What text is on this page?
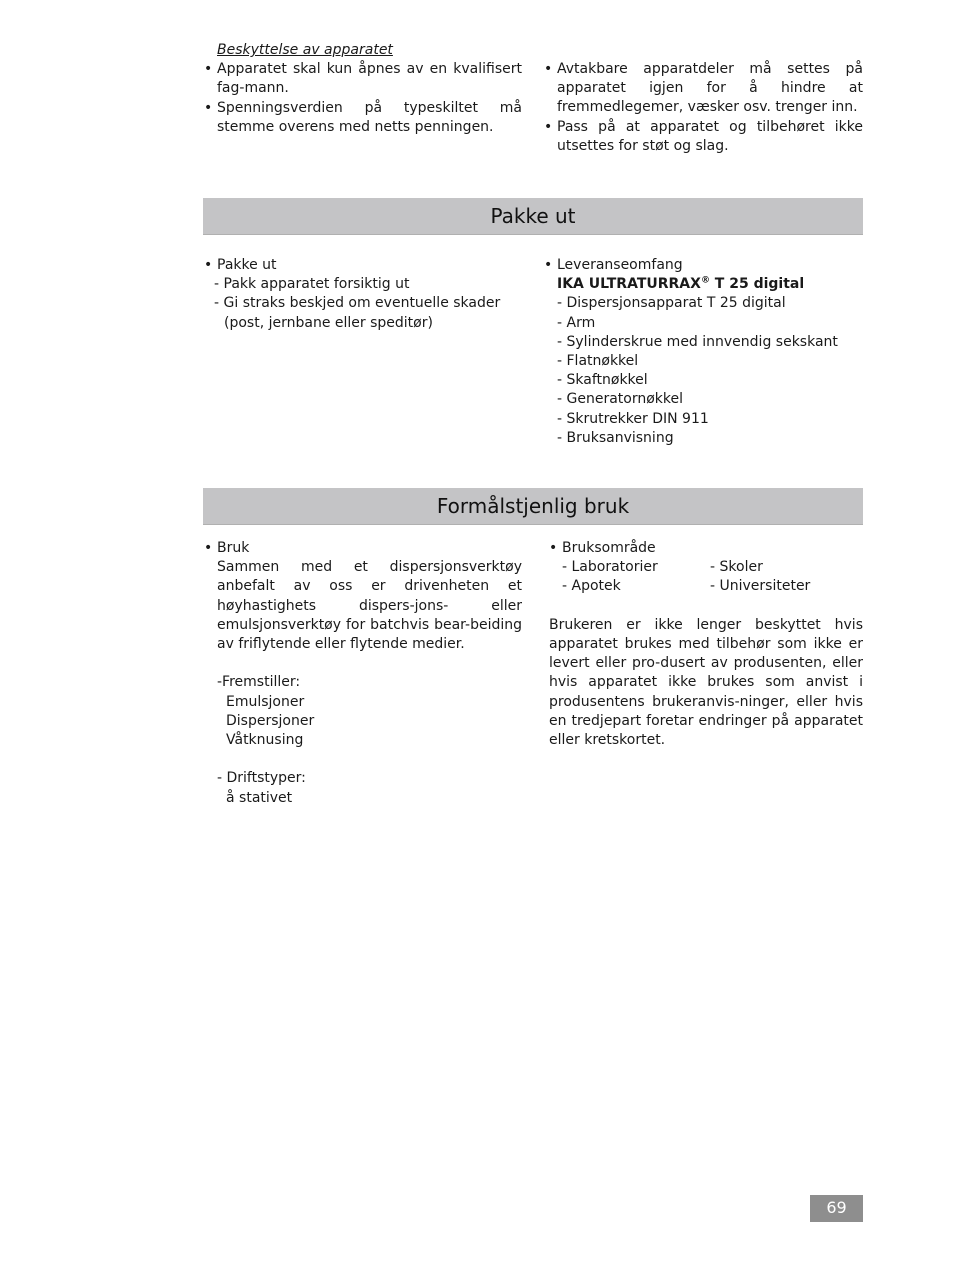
Beskyttelse av apparatet
• Apparatet skal kun åpnes av en kvalifisert fag-mann.
• Spenningsverdien på typeskiltet må stemme overens med netts penningen.
• Avtakbare apparatdeler må settes på apparatet igjen for å hindre at fremmedlegemer, væsker osv. trenger inn.
• Pass på at apparatet og tilbehøret ikke utsettes for støt og slag.
Pakke ut
• Pakke ut
- Pakk apparatet forsiktig ut
- Gi straks beskjed om eventuelle skader (post, jernbane eller speditør)
• Leveranseomfang
IKA ULTRATURRAX® T 25 digital
- Dispersjonsapparat T 25 digital
- Arm
- Sylinderskrue med innvendig sekskant
- Flatnøkkel
- Skaftnøkkel
- Generatornøkkel
- Skrutrekker DIN 911
- Bruksanvisning
Formålstjenlig bruk
• Bruk
Sammen med et dispersjonsverktøy anbefalt av oss er drivenheten et høyhastighets dispers-jons- eller emulsjonsverktøy for batchvis bear-beiding av friflytende eller flytende medier.
-Fremstiller:
Emulsjoner
Dispersjoner
Våtknusing
- Driftstyper:
å stativet
• Bruksområde
- Laboratorier
- Apotek
- Skoler
- Universiteter
Brukeren er ikke lenger beskyttet hvis apparatet brukes med tilbehør som ikke er levert eller pro-dusert av produsenten, eller hvis apparatet ikke brukes som anvist i produsentens brukeranvis-ninger, eller hvis en tredjepart foretar endringer på apparatet eller kretskortet.
69
